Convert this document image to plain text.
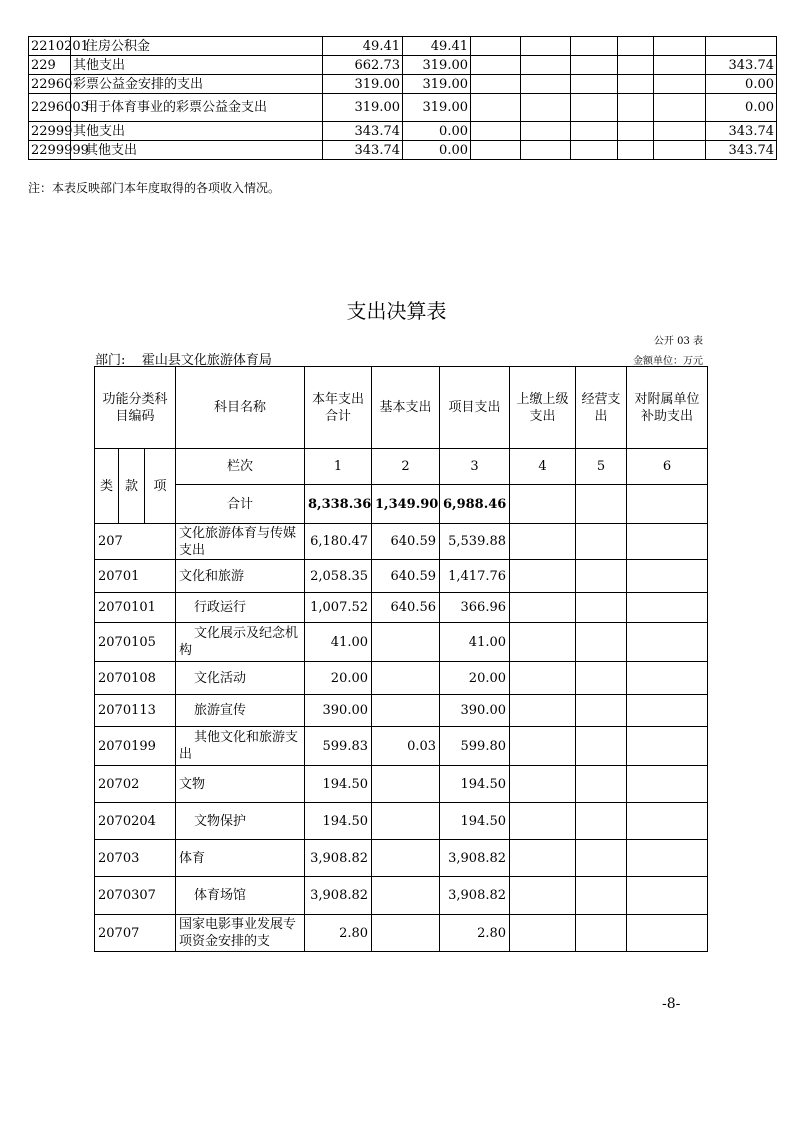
2210201	住房公积金	49.41	49.41						
229	其他支出	662.73	319.00						343.74
22960	彩票公益金安排的支出	319.00	319.00						0.00
2296003	用于体育事业的彩票公益金支出	319.00	319.00						0.00
22999	其他支出	343.74	0.00						343.74
2299999	其他支出	343.74	0.00						343.74
注：本表反映部门本年度取得的各项收入情况。
支出决算表
公开 03 表
部门: 霍山县文化旅游体育局	金额单位：万元
功能分类科目编码			科目名称	本年支出合计	基本支出	项目支出	上缴上级支出	经营支出	对附属单位补助支出
类	款	项	栏次	1	2	3	4	5	6
			合计	8,338.36	1,349.90	6,988.46			
207			文化旅游体育与传媒支出	6,180.47	640.59	5,539.88			
20701			文化和旅游	2,058.35	640.59	1,417.76			
2070101			行政运行	1,007.52	640.56	366.96			
2070105			文化展示及纪念机构	41.00		41.00			
2070108			文化活动	20.00		20.00			
2070113			旅游宣传	390.00		390.00			
2070199			其他文化和旅游支出	599.83	0.03	599.80			
20702			文物	194.50		194.50			
2070204			文物保护	194.50		194.50			
20703			体育	3,908.82		3,908.82			
2070307			体育场馆	3,908.82		3,908.82			
20707			国家电影事业发展专项资金安排的支	2.80		2.80			
-8-
